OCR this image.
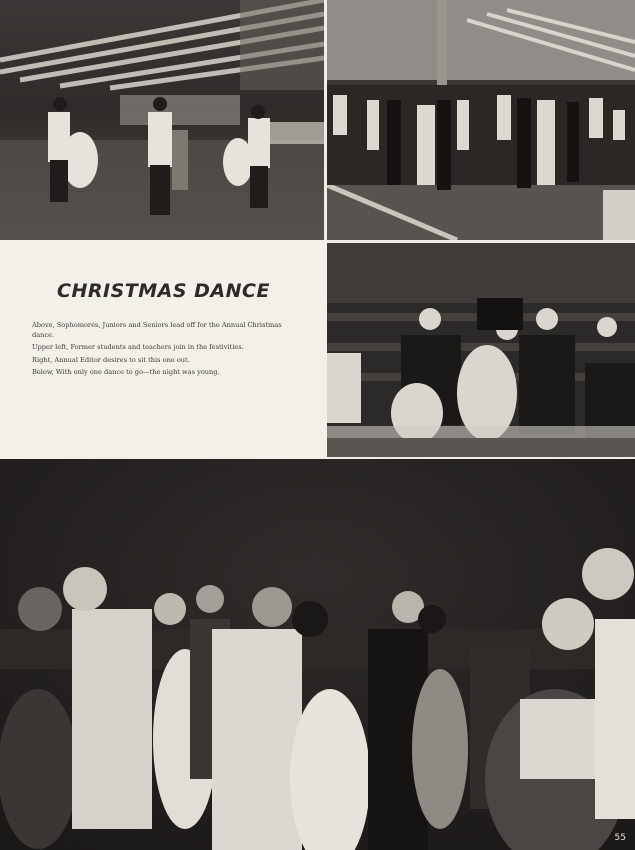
CHRISTMAS DANCE

Above, Sophomores, Juniors and Seniors lead off for the Annual Christmas dance.

Upper left, Former students and teachers join in the festivities.

Right, Annual Editor desires to sit this one out.

Below, With only one dance to go—the night was young.

55
